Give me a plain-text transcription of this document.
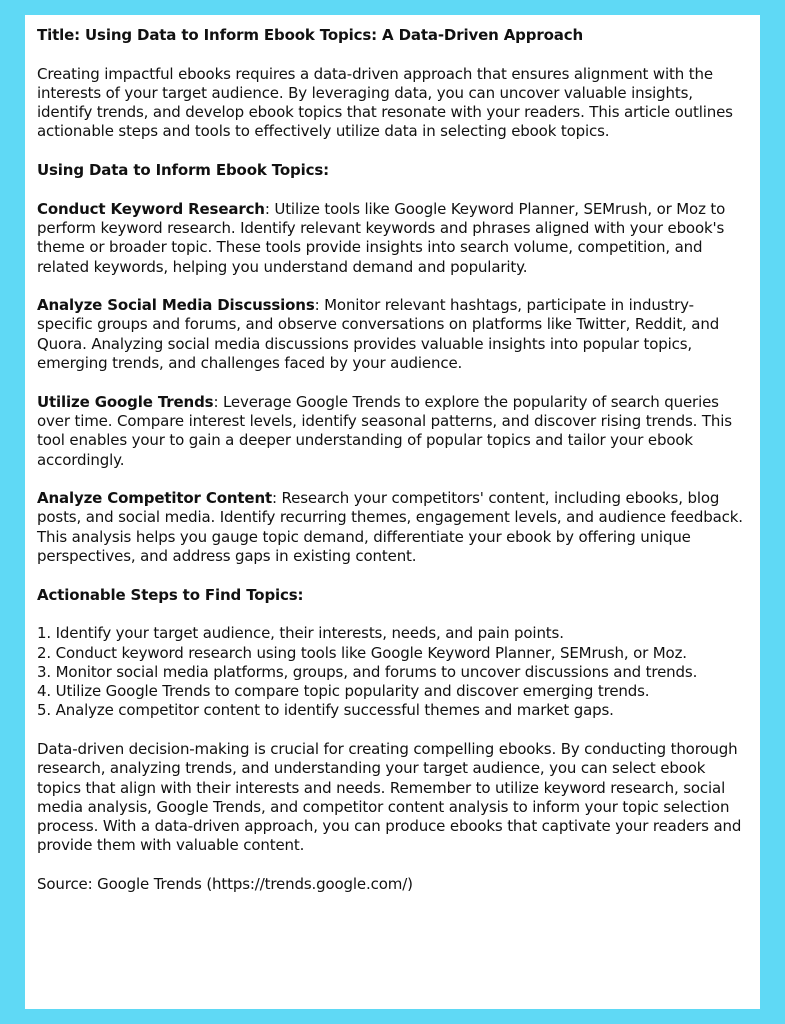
Title: Using Data to Inform Ebook Topics: A Data-Driven Approach

Creating impactful ebooks requires a data-driven approach that ensures alignment with the interests of your target audience. By leveraging data, you can uncover valuable insights, identify trends, and develop ebook topics that resonate with your readers. This article outlines actionable steps and tools to effectively utilize data in selecting ebook topics.

Using Data to Inform Ebook Topics:

Conduct Keyword Research: Utilize tools like Google Keyword Planner, SEMrush, or Moz to perform keyword research. Identify relevant keywords and phrases aligned with your ebook's theme or broader topic. These tools provide insights into search volume, competition, and related keywords, helping you understand demand and popularity.

Analyze Social Media Discussions: Monitor relevant hashtags, participate in industry-specific groups and forums, and observe conversations on platforms like Twitter, Reddit, and Quora. Analyzing social media discussions provides valuable insights into popular topics, emerging trends, and challenges faced by your audience.

Utilize Google Trends: Leverage Google Trends to explore the popularity of search queries over time. Compare interest levels, identify seasonal patterns, and discover rising trends. This tool enables your to gain a deeper understanding of popular topics and tailor your ebook accordingly.

Analyze Competitor Content: Research your competitors' content, including ebooks, blog posts, and social media. Identify recurring themes, engagement levels, and audience feedback. This analysis helps you gauge topic demand, differentiate your ebook by offering unique perspectives, and address gaps in existing content.

Actionable Steps to Find Topics:

1. Identify your target audience, their interests, needs, and pain points.

2. Conduct keyword research using tools like Google Keyword Planner, SEMrush, or Moz.

3. Monitor social media platforms, groups, and forums to uncover discussions and trends.

4. Utilize Google Trends to compare topic popularity and discover emerging trends.

5. Analyze competitor content to identify successful themes and market gaps.

Data-driven decision-making is crucial for creating compelling ebooks. By conducting thorough research, analyzing trends, and understanding your target audience, you can select ebook topics that align with their interests and needs. Remember to utilize keyword research, social media analysis, Google Trends, and competitor content analysis to inform your topic selection process. With a data-driven approach, you can produce ebooks that captivate your readers and provide them with valuable content.

Source: Google Trends (https://trends.google.com/)
